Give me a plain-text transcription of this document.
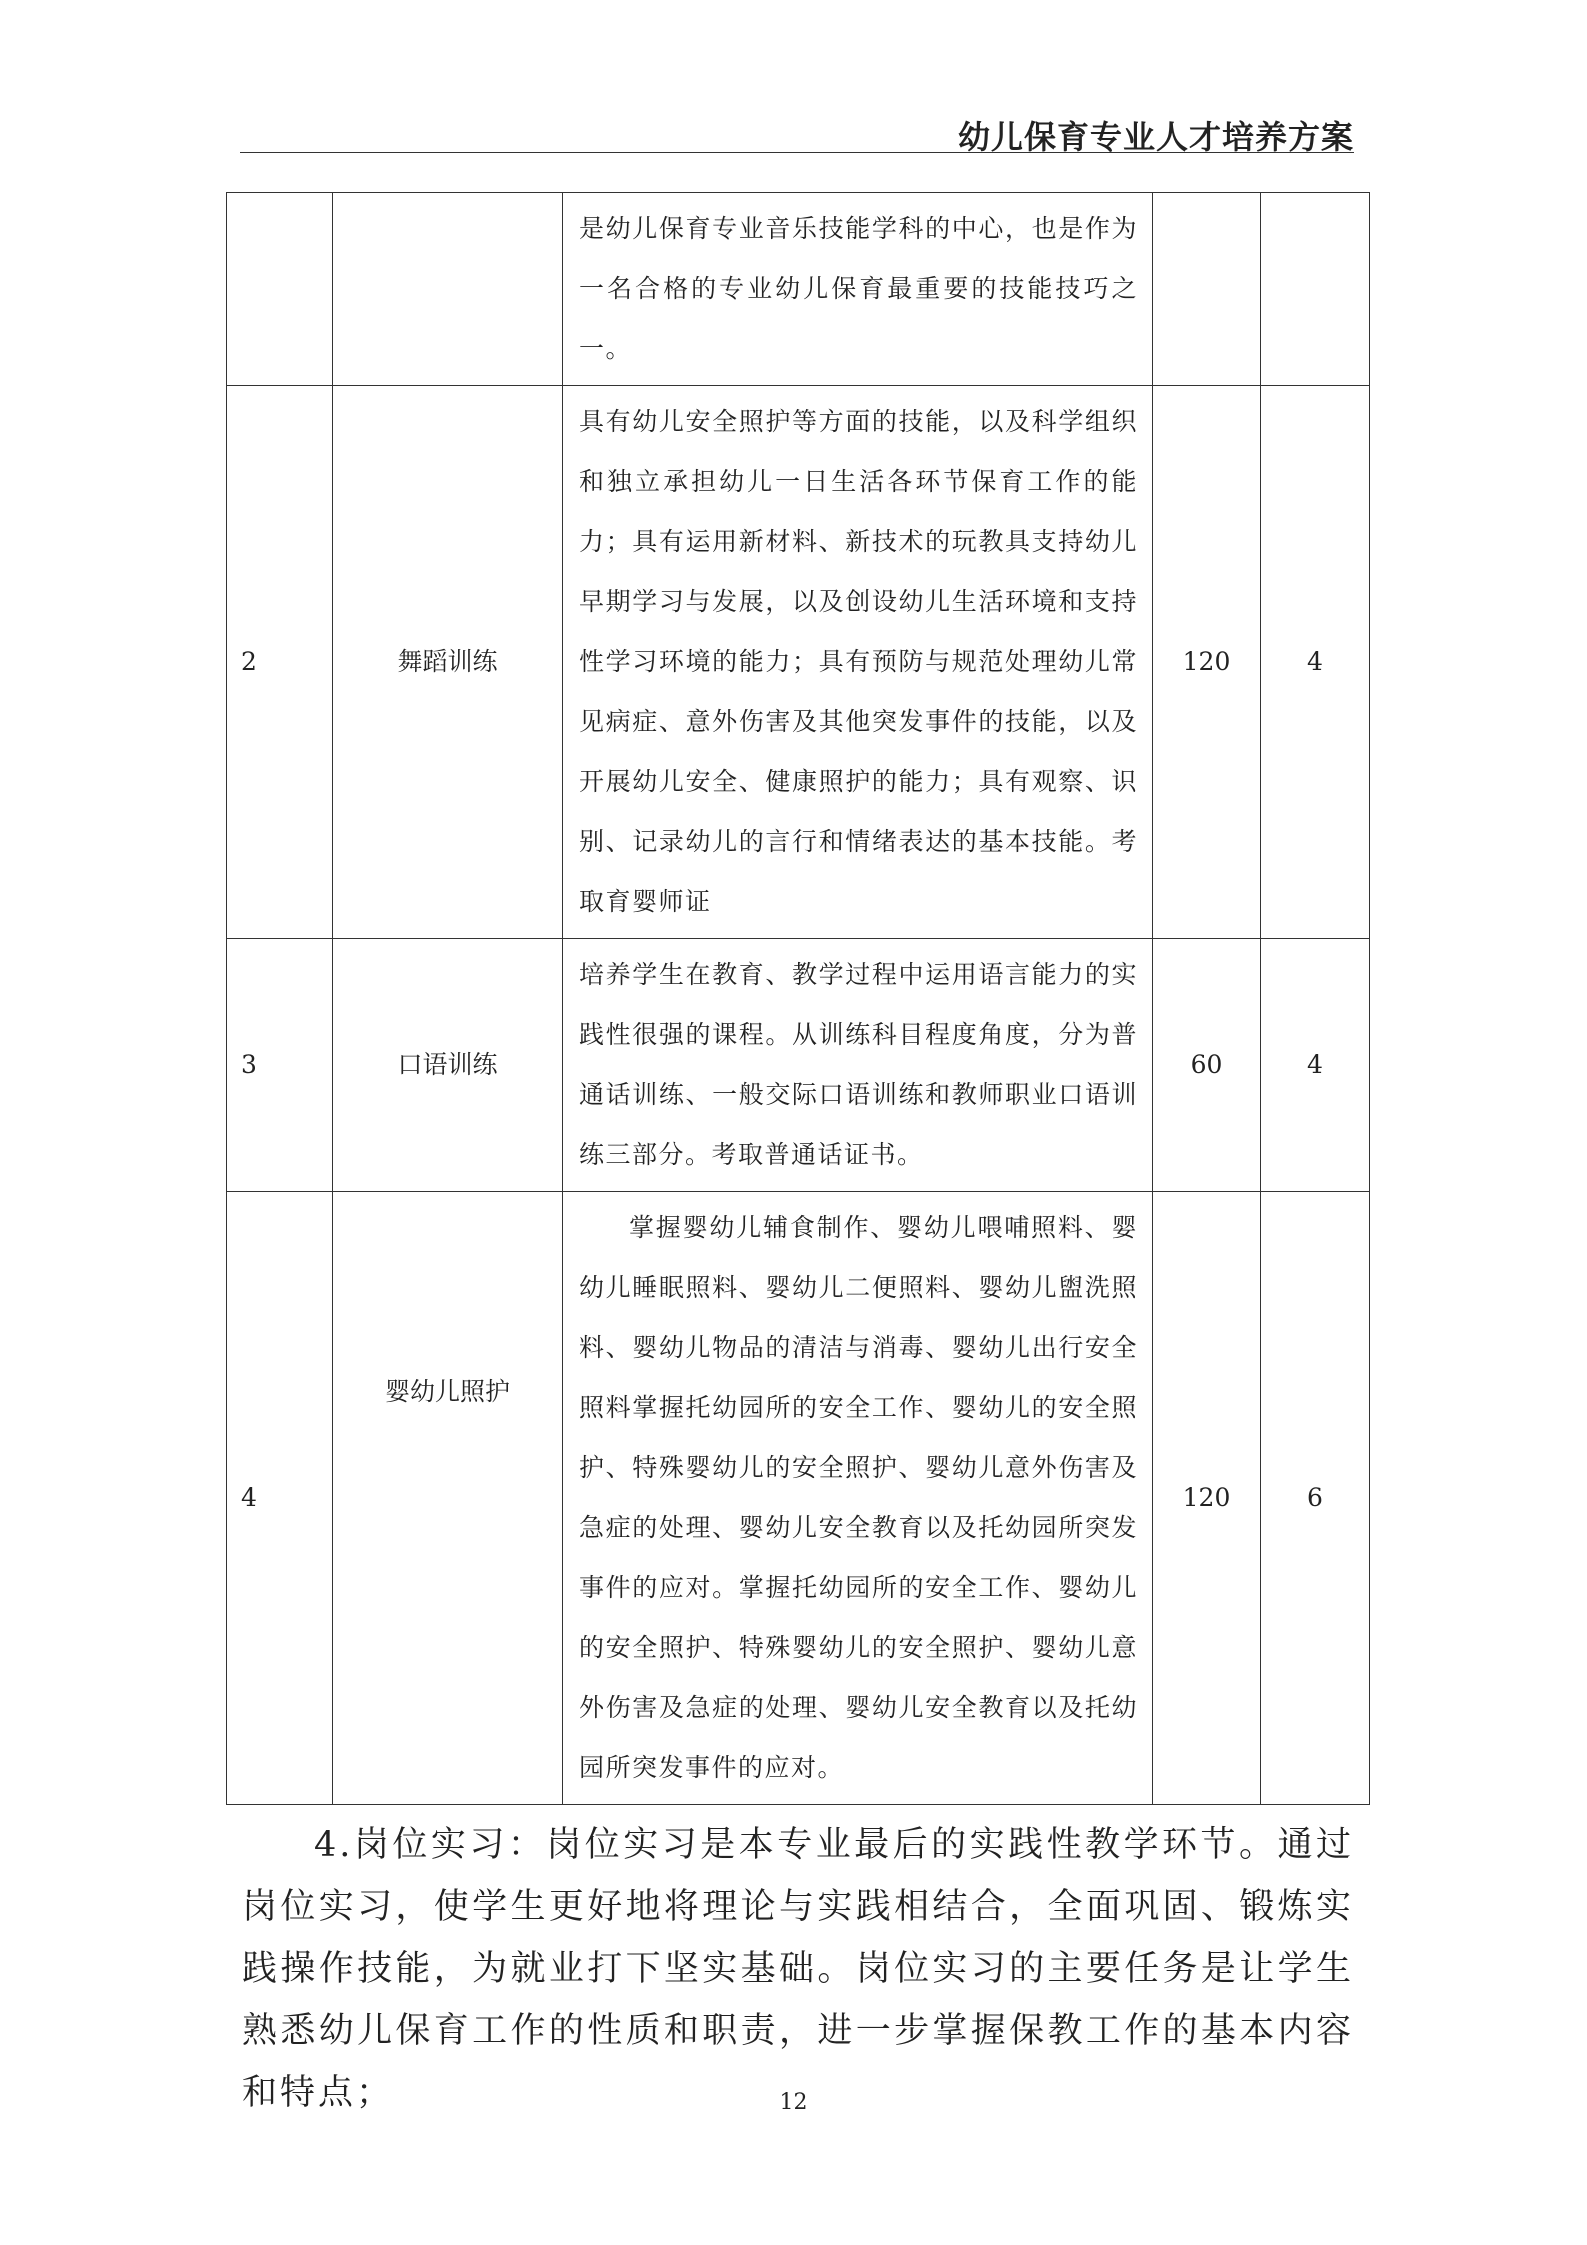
幼儿保育专业人才培养方案
		是幼儿保育专业音乐技能学科的中心，也是作为一名合格的专业幼儿保育最重要的技能技巧之一。		
2	舞蹈训练	具有幼儿安全照护等方面的技能，以及科学组织和独立承担幼儿一日生活各环节保育工作的能力；具有运用新材料、新技术的玩教具支持幼儿早期学习与发展，以及创设幼儿生活环境和支持性学习环境的能力；具有预防与规范处理幼儿常见病症、意外伤害及其他突发事件的技能，以及开展幼儿安全、健康照护的能力；具有观察、识别、记录幼儿的言行和情绪表达的基本技能。考取育婴师证	120	4
3	口语训练	培养学生在教育、教学过程中运用语言能力的实践性很强的课程。从训练科目程度角度，分为普通话训练、一般交际口语训练和教师职业口语训练三部分。考取普通话证书。	60	4
4	婴幼儿照护	掌握婴幼儿辅食制作、婴幼儿喂哺照料、婴幼儿睡眠照料、婴幼儿二便照料、婴幼儿盥洗照料、婴幼儿物品的清洁与消毒、婴幼儿出行安全照料掌握托幼园所的安全工作、婴幼儿的安全照护、特殊婴幼儿的安全照护、婴幼儿意外伤害及急症的处理、婴幼儿安全教育以及托幼园所突发事件的应对。掌握托幼园所的安全工作、婴幼儿的安全照护、特殊婴幼儿的安全照护、婴幼儿意外伤害及急症的处理、婴幼儿安全教育以及托幼园所突发事件的应对。	120	6
4.岗位实习：岗位实习是本专业最后的实践性教学环节。通过岗位实习，使学生更好地将理论与实践相结合，全面巩固、锻炼实践操作技能，为就业打下坚实基础。岗位实习的主要任务是让学生熟悉幼儿保育工作的性质和职责，进一步掌握保教工作的基本内容和特点；	12
